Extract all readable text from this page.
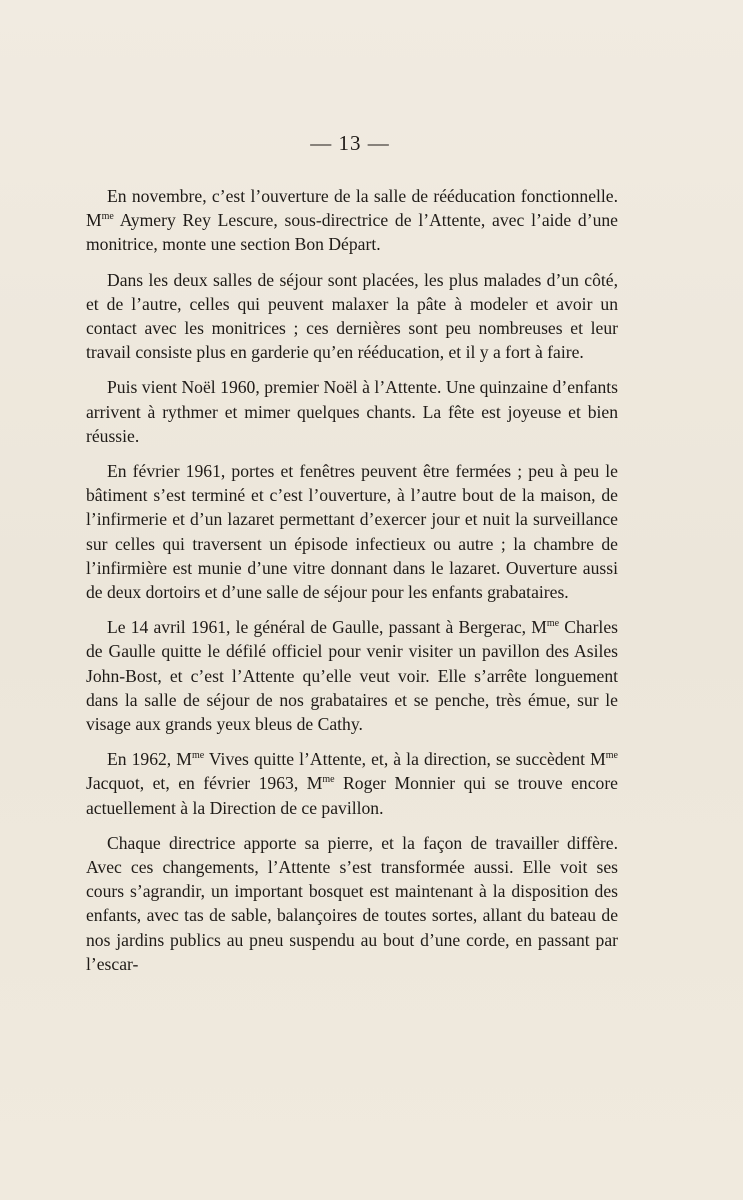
— 13 —

En novembre, c’est l’ouverture de la salle de rééducation fonctionnelle. $M^{me}$ Aymery Rey Lescure, sous-directrice de l’Attente, avec l’aide d’une monitrice, monte une section Bon Départ.

Dans les deux salles de séjour sont placées, les plus malades d’un côté, et de l’autre, celles qui peuvent malaxer la pâte à modeler et avoir un contact avec les monitrices ; ces dernières sont peu nombreuses et leur travail consiste plus en garderie qu’en rééducation, et il y a fort à faire.

Puis vient Noël 1960, premier Noël à l’Attente. Une quinzaine d’enfants arrivent à rythmer et mimer quelques chants. La fête est joyeuse et bien réussie.

En février 1961, portes et fenêtres peuvent être fermées ; peu à peu le bâtiment s’est terminé et c’est l’ouverture, à l’autre bout de la maison, de l’infirmerie et d’un lazaret permettant d’exercer jour et nuit la surveillance sur celles qui traversent un épisode infectieux ou autre ; la chambre de l’infirmière est munie d’une vitre donnant dans le lazaret. Ouverture aussi de deux dortoirs et d’une salle de séjour pour les enfants grabataires.

Le 14 avril 1961, le général de Gaulle, passant à Bergerac, $M^{me}$ Charles de Gaulle quitte le défilé officiel pour venir visiter un pavillon des Asiles John-Bost, et c’est l’Attente qu’elle veut voir. Elle s’arrête longuement dans la salle de séjour de nos grabataires et se penche, très émue, sur le visage aux grands yeux bleus de Cathy.

En 1962, $M^{me}$ Vives quitte l’Attente, et, à la direction, se succèdent $M^{me}$ Jacquot, et, en février 1963, $M^{me}$ Roger Monnier qui se trouve encore actuellement à la Direction de ce pavillon.

Chaque directrice apporte sa pierre, et la façon de travailler diffère. Avec ces changements, l’Attente s’est transformée aussi. Elle voit ses cours s’agrandir, un important bosquet est maintenant à la disposition des enfants, avec tas de sable, balançoires de toutes sortes, allant du bateau de nos jardins publics au pneu suspendu au bout d’une corde, en passant par l’escar-
